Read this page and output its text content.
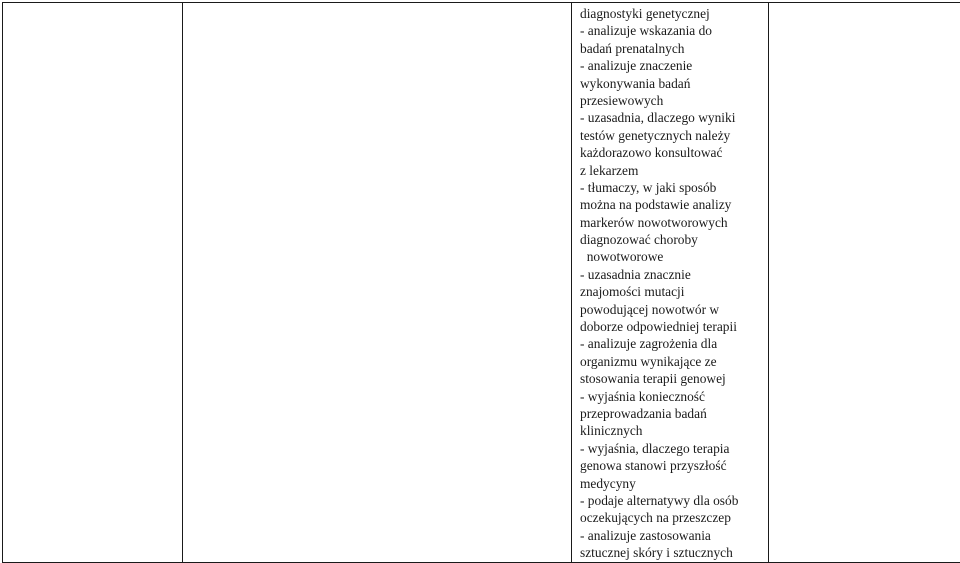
diagnostyki genetycznej
- analizuje wskazania do
badań prenatalnych
- analizuje znaczenie
wykonywania badań
przesiewowych
- uzasadnia, dlaczego wyniki
testów genetycznych należy
każdorazowo konsultować
z lekarzem
- tłumaczy, w jaki sposób
można na podstawie analizy
markerów nowotworowych
diagnozować choroby
nowotworowe
- uzasadnia znacznie
znajomości mutacji
powodującej nowotwór w
doborze odpowiedniej terapii
- analizuje zagrożenia dla
organizmu wynikające ze
stosowania terapii genowej
- wyjaśnia konieczność
przeprowadzania badań
klinicznych
- wyjaśnia, dlaczego terapia
genowa stanowi przyszłość
medycyny
- podaje alternatywy dla osób
oczekujących na przeszczep
- analizuje zastosowania
sztucznej skóry i sztucznych
